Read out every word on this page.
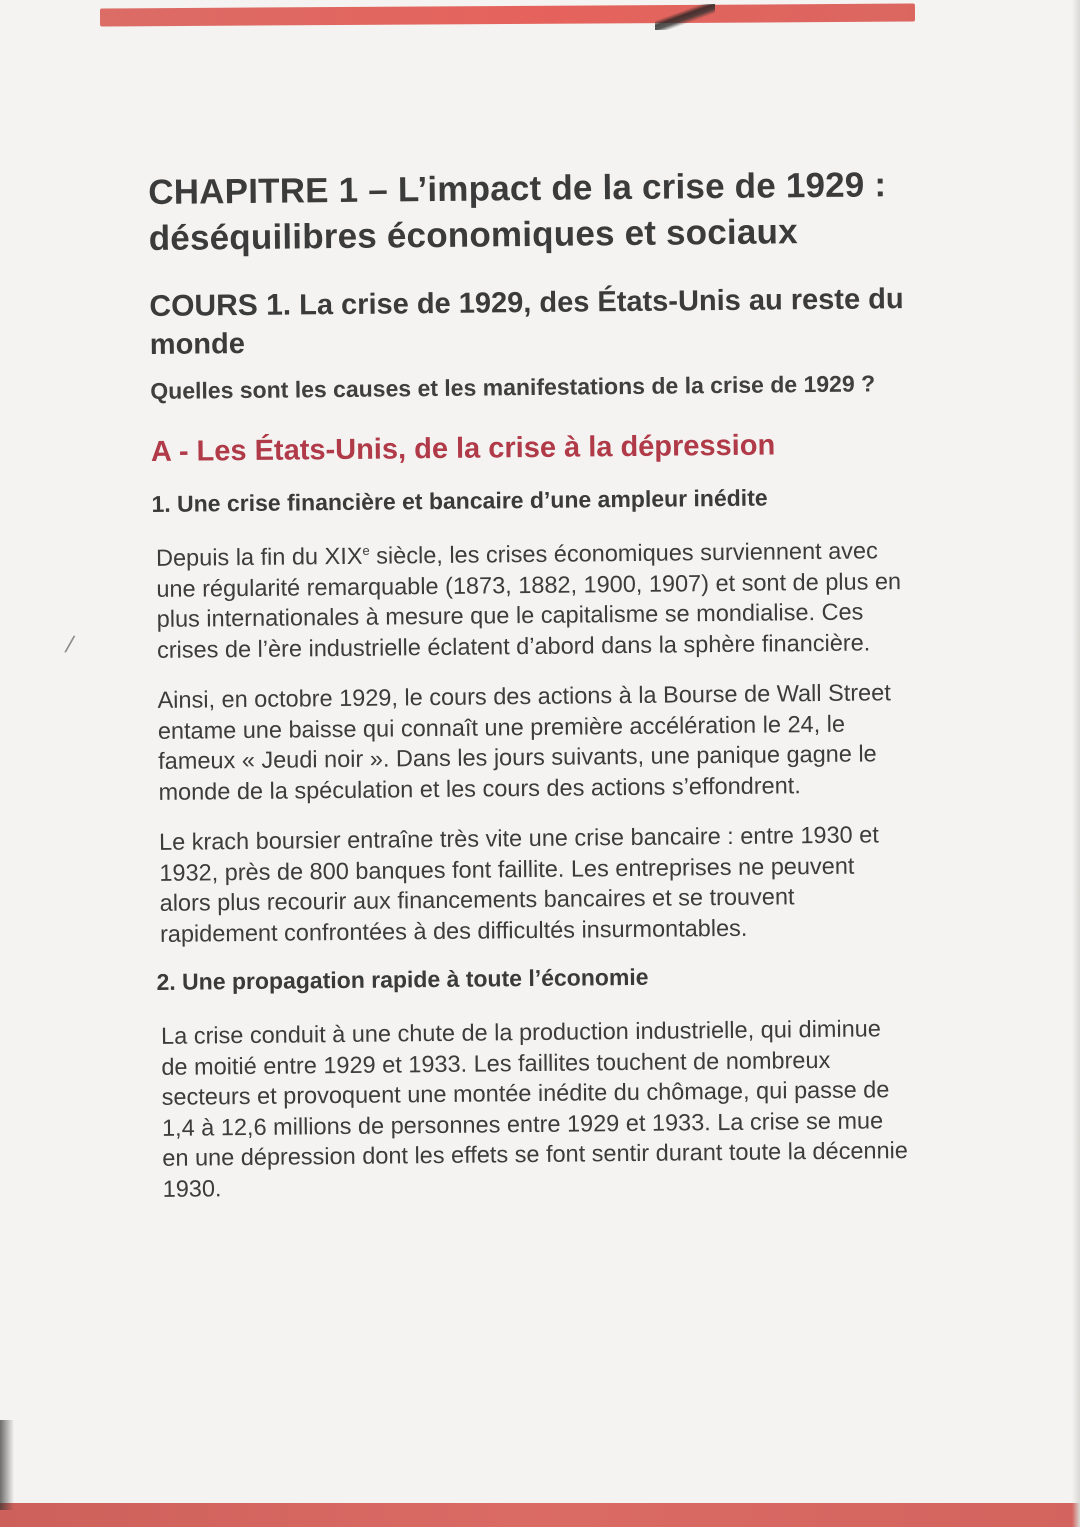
/
CHAPITRE 1 – L’impact de la crise de 1929 : déséquilibres économiques et sociaux
COURS 1. La crise de 1929, des États-Unis au reste du monde

Quelles sont les causes et les manifestations de la crise de 1929 ?

A - Les États-Unis, de la crise à la dépression
1. Une crise financière et bancaire d’une ampleur inédite

Depuis la fin du XIXe siècle, les crises économiques surviennent avec une régularité remarquable (1873, 1882, 1900, 1907) et sont de plus en plus internationales à mesure que le capitalisme se mondialise. Ces crises de l’ère industrielle éclatent d’abord dans la sphère financière.

Ainsi, en octobre 1929, le cours des actions à la Bourse de Wall Street entame une baisse qui connaît une première accélération le 24, le fameux « Jeudi noir ». Dans les jours suivants, une panique gagne le monde de la spéculation et les cours des actions s’effondrent.

Le krach boursier entraîne très vite une crise bancaire : entre 1930 et 1932, près de 800 banques font faillite. Les entreprises ne peuvent alors plus recourir aux financements bancaires et se trouvent rapidement confrontées à des difficultés insurmontables.

2. Une propagation rapide à toute l’économie

La crise conduit à une chute de la production industrielle, qui diminue de moitié entre 1929 et 1933. Les faillites touchent de nombreux secteurs et provoquent une montée inédite du chômage, qui passe de 1,4 à 12,6 millions de personnes entre 1929 et 1933. La crise se mue en une dépression dont les effets se font sentir durant toute la décennie 1930.
